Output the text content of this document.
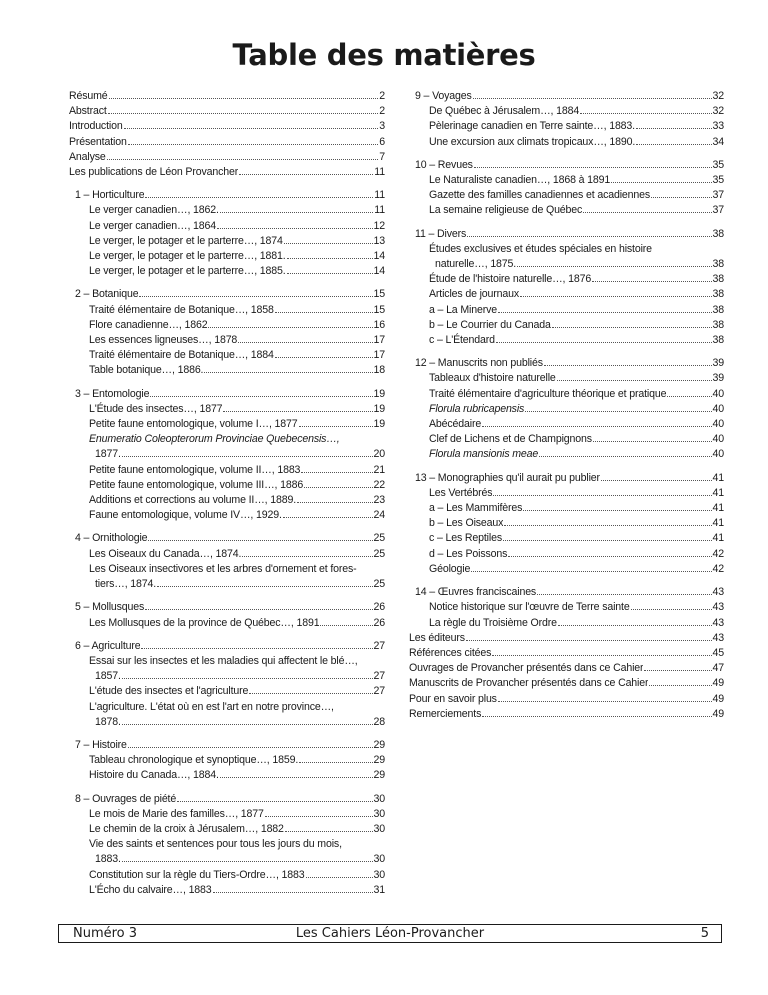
Table des matières
Résumé	2
Abstract	2
Introduction	3
Présentation	6
Analyse	7
Les publications de Léon Provancher	11
1 – Horticulture	11
Le verger canadien…, 1862.	11
Le verger canadien…, 1864	12
Le verger, le potager et le parterre…, 1874	13
Le verger, le potager et le parterre…, 1881.	14
Le verger, le potager et le parterre…, 1885.	14
2 – Botanique	15
Traité élémentaire de Botanique…, 1858	15
Flore canadienne…, 1862	16
Les essences ligneuses…, 1878	17
Traité élémentaire de Botanique…, 1884	17
Table botanique…, 1886.	18
3 – Entomologie	19
L'Étude des insectes…, 1877	19
Petite faune entomologique, volume I…, 1877	19
Enumeratio Coleopterorum Provinciae Quebecensis…,
1877.	20
Petite faune entomologique, volume II…, 1883	21
Petite faune entomologique, volume III…, 1886	22
Additions et corrections au volume II…, 1889.	23
Faune entomologique, volume IV…, 1929.	24
4 – Ornithologie	25
Les Oiseaux du Canada…, 1874.	25
Les Oiseaux insectivores et les arbres d'ornement et fores-
tiers…, 1874.	25
5 – Mollusques	26
Les Mollusques de la province de Québec…, 1891	26
6 – Agriculture	27
Essai sur les insectes et les maladies qui affectent le blé…,
1857.	27
L'étude des insectes et l'agriculture	27
L'agriculture. L'état où en est l'art en notre province…,
1878.	28
7 – Histoire	29
Tableau chronologique et synoptique…, 1859.	29
Histoire du Canada…, 1884.	29
8 – Ouvrages de piété	30
Le mois de Marie des familles…, 1877	30
Le chemin de la croix à Jérusalem…, 1882	30
Vie des saints et sentences pour tous les jours du mois,
1883.	30
Constitution sur la règle du Tiers-Ordre…, 1883	30
L'Écho du calvaire…, 1883	31
9 – Voyages	32
De Québec à Jérusalem…, 1884	32
Pèlerinage canadien en Terre sainte…, 1883.	33
Une excursion aux climats tropicaux…, 1890.	34
10 – Revues	35
Le Naturaliste canadien…, 1868 à 1891	35
Gazette des familles canadiennes et acadiennes	37
La semaine religieuse de Québec	37
11 – Divers	38
Études exclusives et études spéciales en histoire
naturelle…, 1875.	38
Étude de l'histoire naturelle…, 1876	38
Articles de journaux	38
a – La Minerve	38
b – Le Courrier du Canada	38
c – L'Étendard	38
12 – Manuscrits non publiés	39
Tableaux d'histoire naturelle	39
Traité élémentaire d'agriculture théorique et pratique	40
Florula rubricapensis	40
Abécédaire	40
Clef de Lichens et de Champignons	40
Florula mansionis meae	40
13 – Monographies qu'il aurait pu publier	41
Les Vertébrés	41
a – Les Mammifères	41
b – Les Oiseaux	41
c – Les Reptiles	41
d – Les Poissons	42
Géologie	42
14 – Œuvres franciscaines	43
Notice historique sur l'œuvre de Terre sainte	43
La règle du Troisième Ordre	43
Les éditeurs	43
Références citées	45
Ouvrages de Provancher présentés dans ce Cahier	47
Manuscrits de Provancher présentés dans ce Cahier	49
Pour en savoir plus	49
Remerciements	49
Numéro 3	Les Cahiers Léon-Provancher	5
